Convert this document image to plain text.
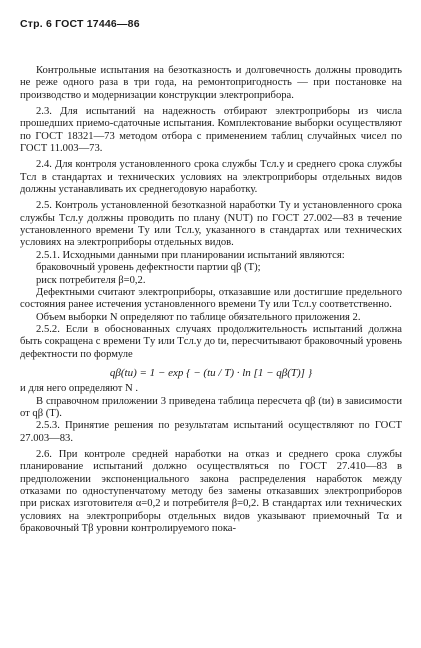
Стр. 6 ГОСТ 17446—86

Контрольные испытания на безотказность и долговечность должны проводить не реже одного раза в три года, на ремонтопригодность — при постановке на производство и модернизации конструкции электроприбора.

2.3. Для испытаний на надежность отбирают электроприборы из числа прошедших приемо-сдаточные испытания. Комплектование выборки осуществляют по ГОСТ 18321—73 методом отбора с применением таблиц случайных чисел по ГОСТ 11.003—73.

2.4. Для контроля установленного срока службы Tсл.у и среднего срока службы Tсл в стандартах и технических условиях на электроприборы отдельных видов должны устанавливать их среднегодовую наработку.

2.5. Контроль установленной безотказной наработки Tу и установленного срока службы Tсл.у должны проводить по плану (NUT) по ГОСТ 27.002—83 в течение установленного времени Tу или Tсл.у, указанного в стандартах или технических условиях на электроприборы отдельных видов.

2.5.1. Исходными данными при планировании испытаний являются:

браковочный уровень дефектности партии qβ (T);

риск потребителя β=0,2.

Дефектными считают электроприборы, отказавшие или достигшие предельного состояния ранее истечения установленного времени Tу или Tсл.у соответственно.

Объем выборки N определяют по таблице обязательного приложения 2.

2.5.2. Если в обоснованных случаях продолжительность испытаний должна быть сокращена с времени Tу или Tсл.у до tи, пересчитывают браковочный уровень дефектности по формуле

qβ(tи) = 1 − exp { − (tи / T) · ln [1 − qβ(T)] }

и для него определяют N .

В справочном приложении 3 приведена таблица пересчета qβ (tи) в зависимости от qβ (T).

2.5.3. Принятие решения по результатам испытаний осуществляют по ГОСТ 27.003—83.

2.6. При контроле средней наработки на отказ и среднего срока службы планирование испытаний должно осуществляться по ГОСТ 27.410—83 в предположении экспоненциального закона распределения наработок между отказами по одноступенчатому методу без замены отказавших электроприборов при рисках изготовителя α=0,2 и потребителя β=0,2. В стандартах или технических условиях на электроприборы отдельных видов указывают приемочный Tα и браковочный Tβ уровни контролируемого пока-
